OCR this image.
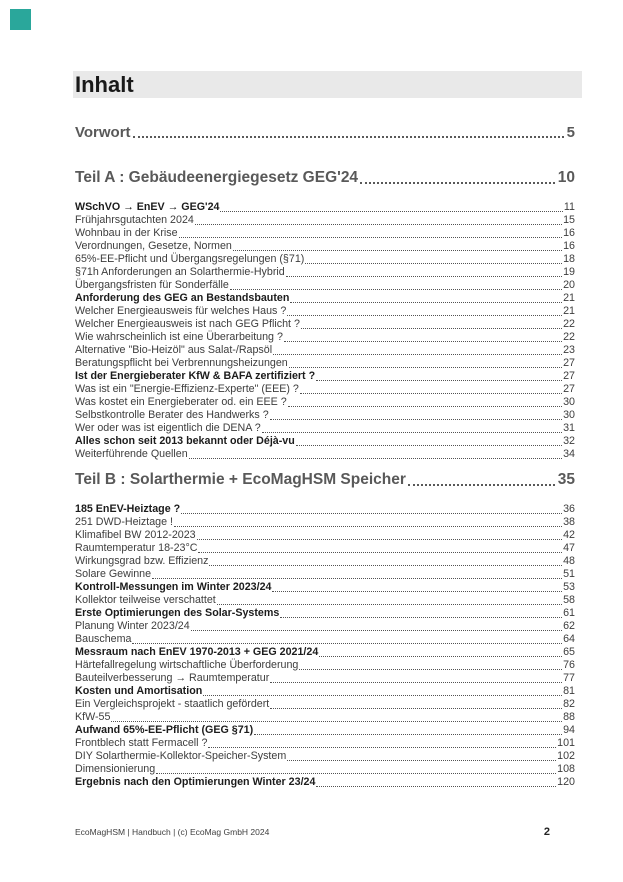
Inhalt
Vorwort	5
Teil A : Gebäudeenergiegesetz GEG'24	10
WSchVO → EnEV → GEG'24	11
Frühjahrsgutachten 2024	15
Wohnbau in der Krise	16
Verordnungen, Gesetze, Normen	16
65%-EE-Pflicht und Übergangsregelungen (§71)	18
§71h Anforderungen an Solarthermie-Hybrid	19
Übergangsfristen für Sonderfälle	20
Anforderung des GEG an Bestandsbauten	21
Welcher Energieausweis für welches Haus ?	21
Welcher Energieausweis ist nach GEG Pflicht ?	22
Wie wahrscheinlich ist eine Überarbeitung ?	22
Alternative "Bio-Heizöl" aus Salat-/Rapsöl	23
Beratungspflicht bei Verbrennungsheizungen	27
Ist der Energieberater KfW & BAFA zertifiziert ?	27
Was ist ein "Energie-Effizienz-Experte" (EEE) ?	27
Was kostet ein Energieberater od. ein EEE ?	30
Selbstkontrolle Berater des Handwerks ?	30
Wer oder was ist eigentlich die DENA ?	31
Alles schon seit 2013 bekannt oder Déjà-vu	32
Weiterführende Quellen	34
Teil B : Solarthermie + EcoMagHSM Speicher	35
185 EnEV-Heiztage ?	36
251 DWD-Heiztage !	38
Klimafibel BW 2012-2023	42
Raumtemperatur 18-23°C	47
Wirkungsgrad bzw. Effizienz	48
Solare Gewinne	51
Kontroll-Messungen im Winter 2023/24	53
Kollektor teilweise verschattet	58
Erste Optimierungen des Solar-Systems	61
Planung Winter 2023/24	62
Bauschema	64
Messraum nach EnEV 1970-2013 + GEG 2021/24	65
Härtefallregelung wirtschaftliche Überforderung	76
Bauteilverbesserung → Raumtemperatur	77
Kosten und Amortisation	81
Ein Vergleichsprojekt - staatlich gefördert	82
KfW-55	88
Aufwand 65%-EE-Pflicht (GEG §71)	94
Frontblech statt Fermacell ?	101
DIY Solarthermie-Kollektor-Speicher-System	102
Dimensionierung	108
Ergebnis nach den Optimierungen Winter 23/24	120
EcoMagHSM | Handbuch | (c) EcoMag GmbH 2024	2
